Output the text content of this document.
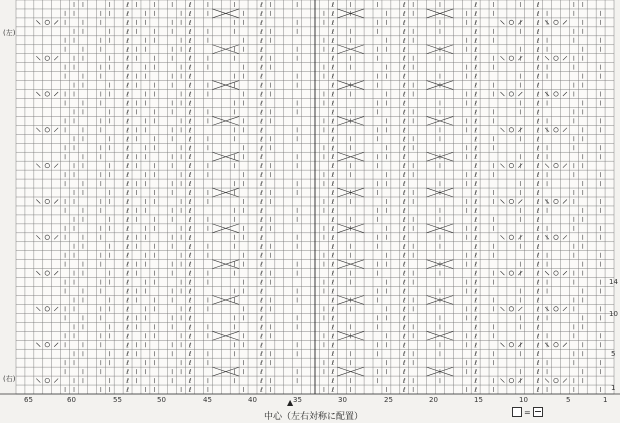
ℓ	ℓ	ℓ	ℓ	ℓ	ℓ	ℓ
ℓ	ℓ	ℓ	ℓ	ℓ	ℓ	ℓ
ℓ	ℓ	ℓ	ℓ	ℓ	ℓ	ℓ
ℓ	ℓ	ℓ	ℓ	ℓ	ℓ	ℓ
ℓ	ℓ	ℓ	ℓ	ℓ	ℓ	ℓ
ℓ	ℓ	ℓ	ℓ	ℓ	ℓ	ℓ
ℓ	ℓ	ℓ	ℓ	ℓ	ℓ	ℓ
ℓ	ℓ	ℓ	ℓ	ℓ	ℓ	ℓ
ℓ	ℓ	ℓ	ℓ	ℓ	ℓ	ℓ
ℓ	ℓ	ℓ	ℓ	ℓ	ℓ	ℓ
ℓ	ℓ	ℓ	ℓ	ℓ	ℓ	ℓ
ℓ	ℓ	ℓ	ℓ	ℓ	ℓ	ℓ
ℓ	ℓ	ℓ	ℓ	ℓ	ℓ	ℓ
ℓ	ℓ	ℓ	ℓ	ℓ	ℓ	ℓ
ℓ	ℓ	ℓ	ℓ	ℓ	ℓ	ℓ
ℓ	ℓ	ℓ	ℓ	ℓ	ℓ	ℓ
ℓ	ℓ	ℓ	ℓ	ℓ	ℓ	ℓ
ℓ	ℓ	ℓ	ℓ	ℓ	ℓ	ℓ
ℓ	ℓ	ℓ	ℓ	ℓ	ℓ	ℓ
ℓ	ℓ	ℓ	ℓ	ℓ	ℓ	ℓ
ℓ	ℓ	ℓ	ℓ	ℓ	ℓ	ℓ
ℓ	ℓ	ℓ	ℓ	ℓ	ℓ	ℓ
ℓ	ℓ	ℓ	ℓ	ℓ	ℓ	ℓ
ℓ	ℓ	ℓ	ℓ	ℓ	ℓ	ℓ
ℓ	ℓ	ℓ	ℓ	ℓ	ℓ	ℓ
ℓ	ℓ	ℓ	ℓ	ℓ	ℓ	ℓ
ℓ	ℓ	ℓ	ℓ	ℓ	ℓ	ℓ
ℓ	ℓ	ℓ	ℓ	ℓ	ℓ	ℓ
ℓ	ℓ	ℓ	ℓ	ℓ	ℓ	ℓ
ℓ	ℓ	ℓ	ℓ	ℓ	ℓ	ℓ
ℓ	ℓ	ℓ	ℓ	ℓ	ℓ	ℓ
ℓ	ℓ	ℓ	ℓ	ℓ	ℓ	ℓ
ℓ	ℓ	ℓ	ℓ	ℓ	ℓ	ℓ
ℓ	ℓ	ℓ	ℓ	ℓ	ℓ	ℓ
ℓ	ℓ	ℓ	ℓ	ℓ	ℓ	ℓ
ℓ	ℓ	ℓ	ℓ	ℓ	ℓ	ℓ
ℓ	ℓ	ℓ	ℓ	ℓ	ℓ	ℓ
ℓ	ℓ	ℓ	ℓ	ℓ	ℓ	ℓ
ℓ	ℓ	ℓ	ℓ	ℓ	ℓ	ℓ
ℓ	ℓ	ℓ	ℓ	ℓ	ℓ	ℓ
ℓ	ℓ	ℓ	ℓ	ℓ	ℓ	ℓ
ℓ	ℓ	ℓ	ℓ	ℓ	ℓ	ℓ
ℓ	ℓ	ℓ	ℓ	ℓ	ℓ	ℓ
ℓ	ℓ	ℓ	ℓ	ℓ	ℓ	ℓ
(左)
(右)
14
10
5
1
65	60	55	50	45	40	35	30	25	20	15	10	5	1
▲
中心（左右対称に配置）	=
